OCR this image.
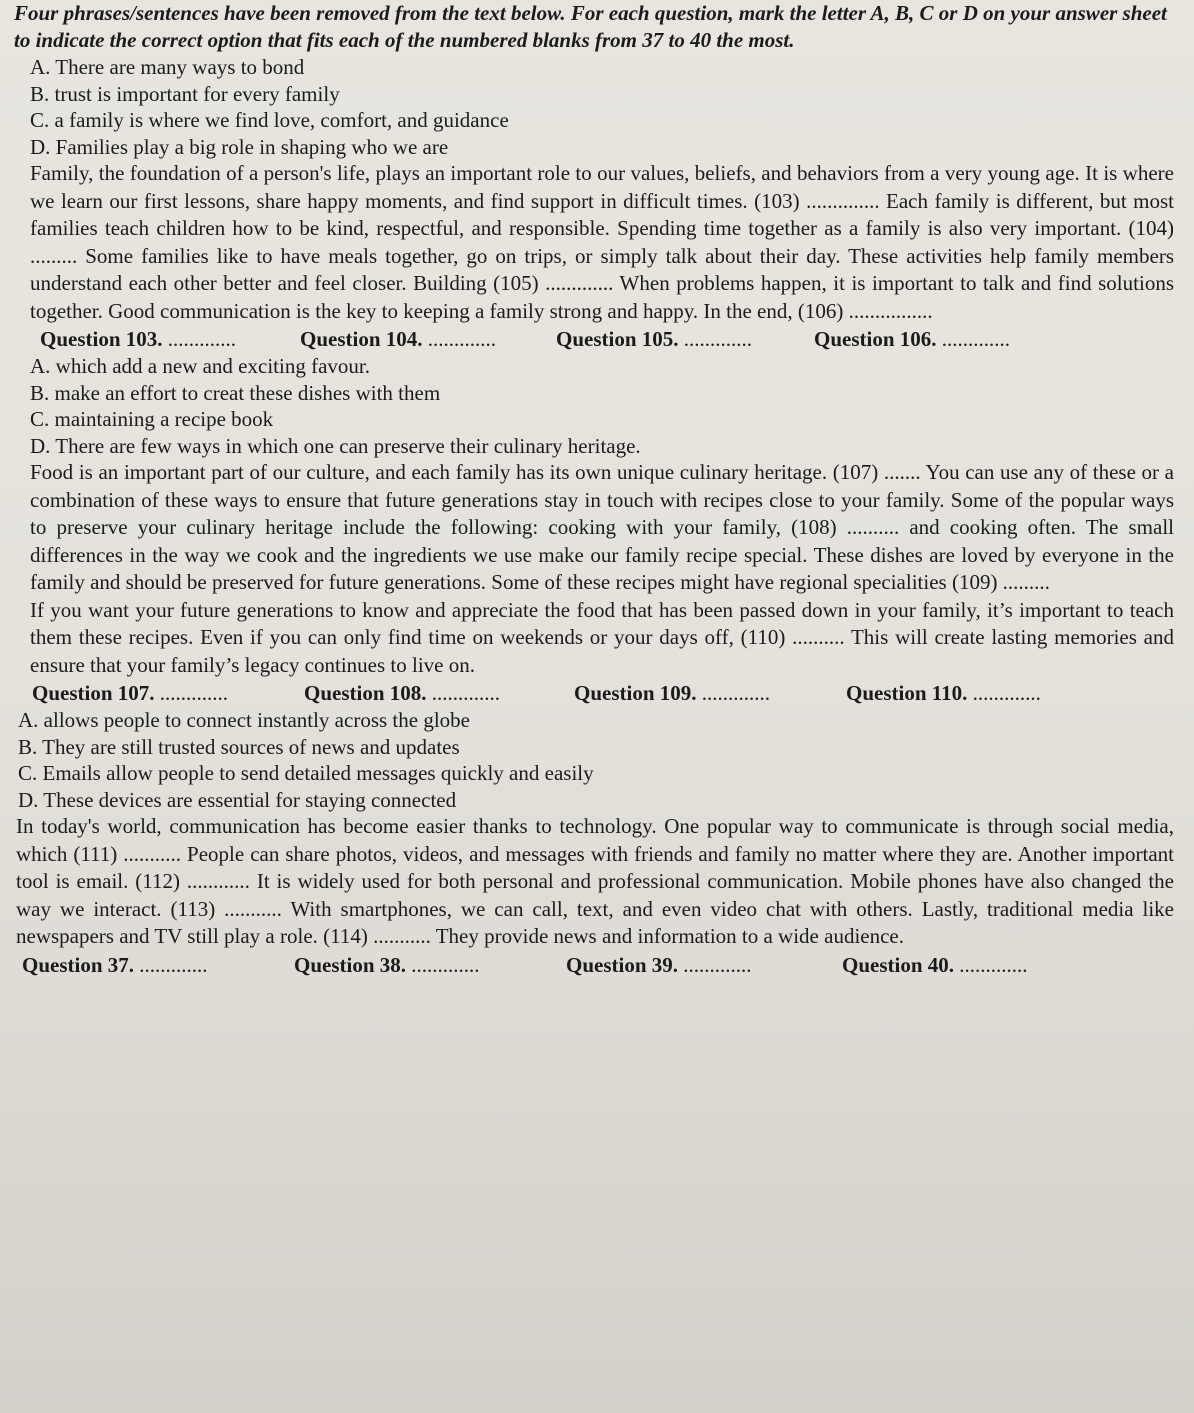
Four phrases/sentences have been removed from the text below. For each question, mark the letter A, B, C or D on your answer sheet to indicate the correct option that fits each of the numbered blanks from 37 to 40 the most.

A. There are many ways to bond

B. trust is important for every family

C. a family is where we find love, comfort, and guidance

D. Families play a big role in shaping who we are

Family, the foundation of a person's life, plays an important role to our values, beliefs, and behaviors from a very young age. It is where we learn our first lessons, share happy moments, and find support in difficult times. (103) .............. Each family is different, but most families teach children how to be kind, respectful, and responsible. Spending time together as a family is also very important. (104) ......... Some families like to have meals together, go on trips, or simply talk about their day. These activities help family members understand each other better and feel closer. Building (105) ............. When problems happen, it is important to talk and find solutions together. Good communication is the key to keeping a family strong and happy. In the end, (106) ................

Question 103. .............	Question 104. .............	Question 105. .............	Question 106. .............

A. which add a new and exciting favour.

B. make an effort to creat these dishes with them

C. maintaining a recipe book

D. There are few ways in which one can preserve their culinary heritage.

Food is an important part of our culture, and each family has its own unique culinary heritage. (107) ....... You can use any of these or a combination of these ways to ensure that future generations stay in touch with recipes close to your family. Some of the popular ways to preserve your culinary heritage include the following: cooking with your family, (108) .......... and cooking often. The small differences in the way we cook and the ingredients we use make our family recipe special. These dishes are loved by everyone in the family and should be preserved for future generations. Some of these recipes might have regional specialities (109) .........

If you want your future generations to know and appreciate the food that has been passed down in your family, it’s important to teach them these recipes. Even if you can only find time on weekends or your days off, (110) .......... This will create lasting memories and ensure that your family’s legacy continues to live on.

Question 107. .............	Question 108. .............	Question 109. .............	Question 110. .............

A. allows people to connect instantly across the globe

B. They are still trusted sources of news and updates

C. Emails allow people to send detailed messages quickly and easily

D. These devices are essential for staying connected

In today's world, communication has become easier thanks to technology. One popular way to communicate is through social media, which (111) ........... People can share photos, videos, and messages with friends and family no matter where they are. Another important tool is email. (112) ............ It is widely used for both personal and professional communication. Mobile phones have also changed the way we interact. (113) ........... With smartphones, we can call, text, and even video chat with others. Lastly, traditional media like newspapers and TV still play a role. (114) ........... They provide news and information to a wide audience.

Question 37. .............	Question 38. .............	Question 39. .............	Question 40. .............
